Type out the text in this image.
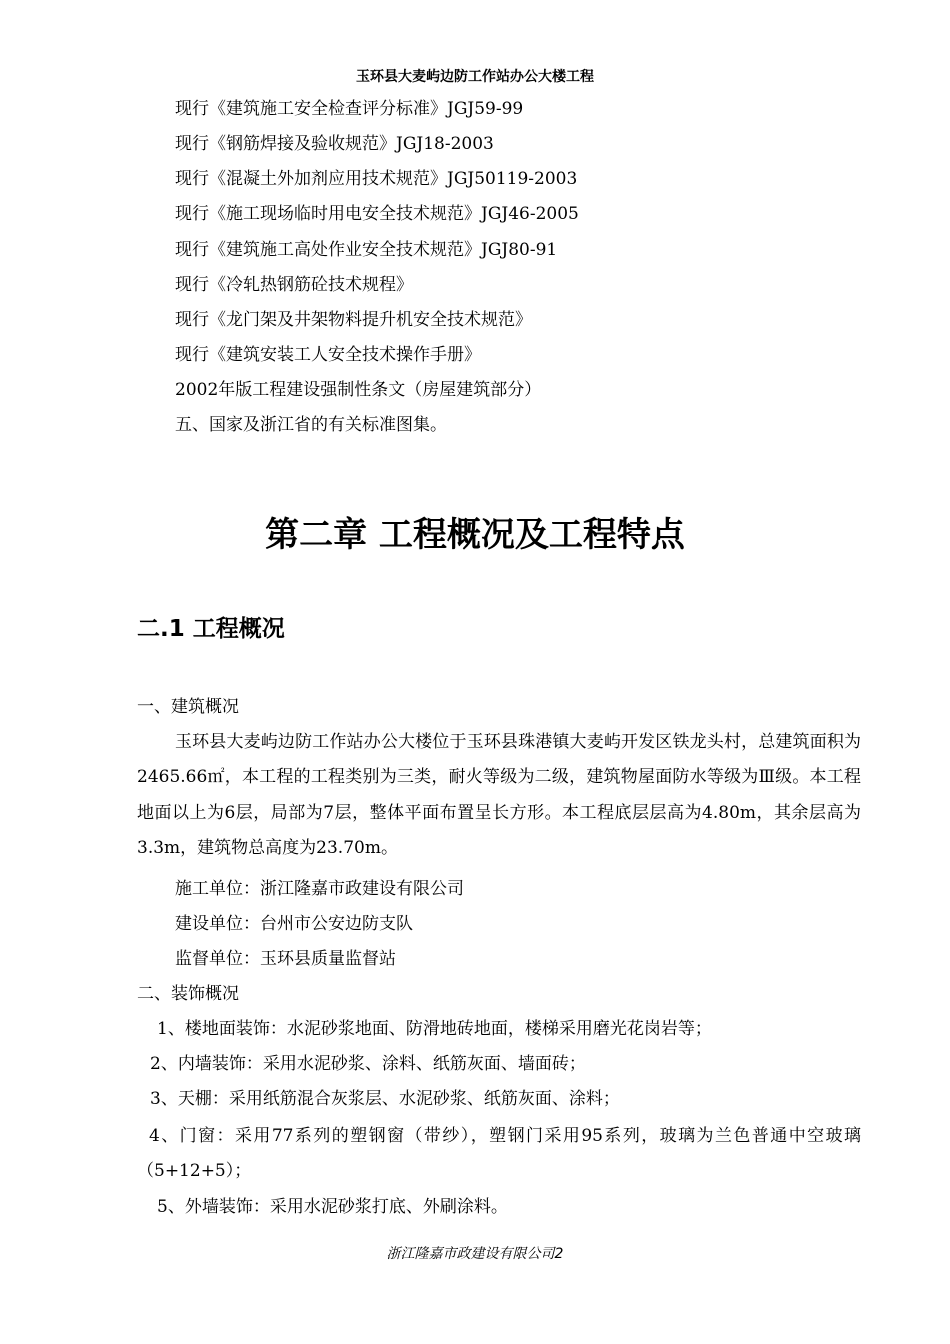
玉环县大麦屿边防工作站办公大楼工程
现行《建筑施工安全检查评分标准》JGJ59-99
现行《钢筋焊接及验收规范》JGJ18-2003
现行《混凝土外加剂应用技术规范》JGJ50119-2003
现行《施工现场临时用电安全技术规范》JGJ46-2005
现行《建筑施工高处作业安全技术规范》JGJ80-91
现行《冷轧热钢筋砼技术规程》
现行《龙门架及井架物料提升机安全技术规范》
现行《建筑安装工人安全技术操作手册》
2002年版工程建设强制性条文（房屋建筑部分）
五、国家及浙江省的有关标准图集。
第二章 工程概况及工程特点
二.1 工程概况
一、建筑概况

玉环县大麦屿边防工作站办公大楼位于玉环县珠港镇大麦屿开发区铁龙头村，总建筑面积为2465.66㎡，本工程的工程类别为三类，耐火等级为二级，建筑物屋面防水等级为Ⅲ级。本工程地面以上为6层，局部为7层，整体平面布置呈长方形。本工程底层层高为4.80m，其余层高为3.3m，建筑物总高度为23.70m。

施工单位：浙江隆嘉市政建设有限公司
建设单位：台州市公安边防支队
监督单位：玉环县质量监督站
二、装饰概况
1、楼地面装饰：水泥砂浆地面、防滑地砖地面，楼梯采用磨光花岗岩等；
2、内墙装饰：采用水泥砂浆、涂料、纸筋灰面、墙面砖；
3、天棚：采用纸筋混合灰浆层、水泥砂浆、纸筋灰面、涂料；

4、门窗：采用77系列的塑钢窗（带纱），塑钢门采用95系列，玻璃为兰色普通中空玻璃（5+12+5）；

5、外墙装饰：采用水泥砂浆打底、外刷涂料。
浙江隆嘉市政建设有限公司2
